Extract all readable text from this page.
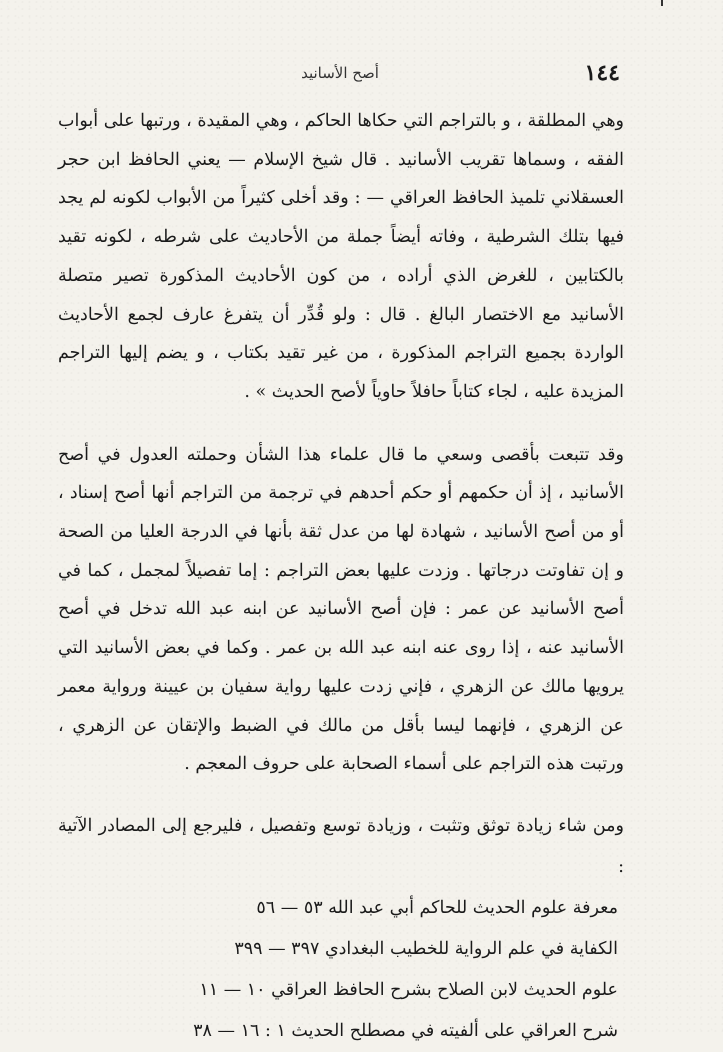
١٤٤
أصح الأسانيد

وهي المطلقة ، و بالتراجم التي حكاها الحاكم ، وهي المقيدة ، ورتبها على أبواب الفقه ، وسماها تقريب الأسانيد . قال شيخ الإسلام — يعني الحافظ ابن حجر العسقلاني تلميذ الحافظ العراقي — : وقد أخلى كثيراً من الأبواب لكونه لم يجد فيها بتلك الشرطية ، وفاته أيضاً جملة من الأحاديث على شرطه ، لكونه تقيد بالكتابين ، للغرض الذي أراده ، من كون الأحاديث المذكورة تصير متصلة الأسانيد مع الاختصار البالغ . قال : ولو قُدِّر أن يتفرغ عارف لجمع الأحاديث الواردة بجميع التراجم المذكورة ، من غير تقيد بكتاب ، و يضم إليها التراجم المزيدة عليه ، لجاء كتاباً حافلاً حاوياً لأصح الحديث » .

وقد تتبعت بأقصى وسعي ما قال علماء هذا الشأن وحملته العدول في أصح الأسانيد ، إذ أن حكمهم أو حكم أحدهم في ترجمة من التراجم أنها أصح إسناد ، أو من أصح الأسانيد ، شهادة لها من عدل ثقة بأنها في الدرجة العليا من الصحة و إن تفاوتت درجاتها . وزدت عليها بعض التراجم : إما تفصيلاً لمجمل ، كما في أصح الأسانيد عن عمر : فإن أصح الأسانيد عن ابنه عبد الله تدخل في أصح الأسانيد عنه ، إذا روى عنه ابنه عبد الله بن عمر . وكما في بعض الأسانيد التي يرويها مالك عن الزهري ، فإني زدت عليها رواية سفيان بن عيينة ورواية معمر عن الزهري ، فإنهما ليسا بأقل من مالك في الضبط والإتقان عن الزهري ، ورتبت هذه التراجم على أسماء الصحابة على حروف المعجم .

ومن شاء زيادة توثق وتثبت ، وزيادة توسع وتفصيل ، فليرجع إلى المصادر الآتية :
معرفة علوم الحديث للحاكم أبي عبد الله ٥٣ — ٥٦
الكفاية في علم الرواية للخطيب البغدادي ٣٩٧ — ٣٩٩
علوم الحديث لابن الصلاح بشرح الحافظ العراقي ١٠ — ١١
شرح العراقي على ألفيته في مصطلح الحديث ١ : ١٦ — ٣٨
